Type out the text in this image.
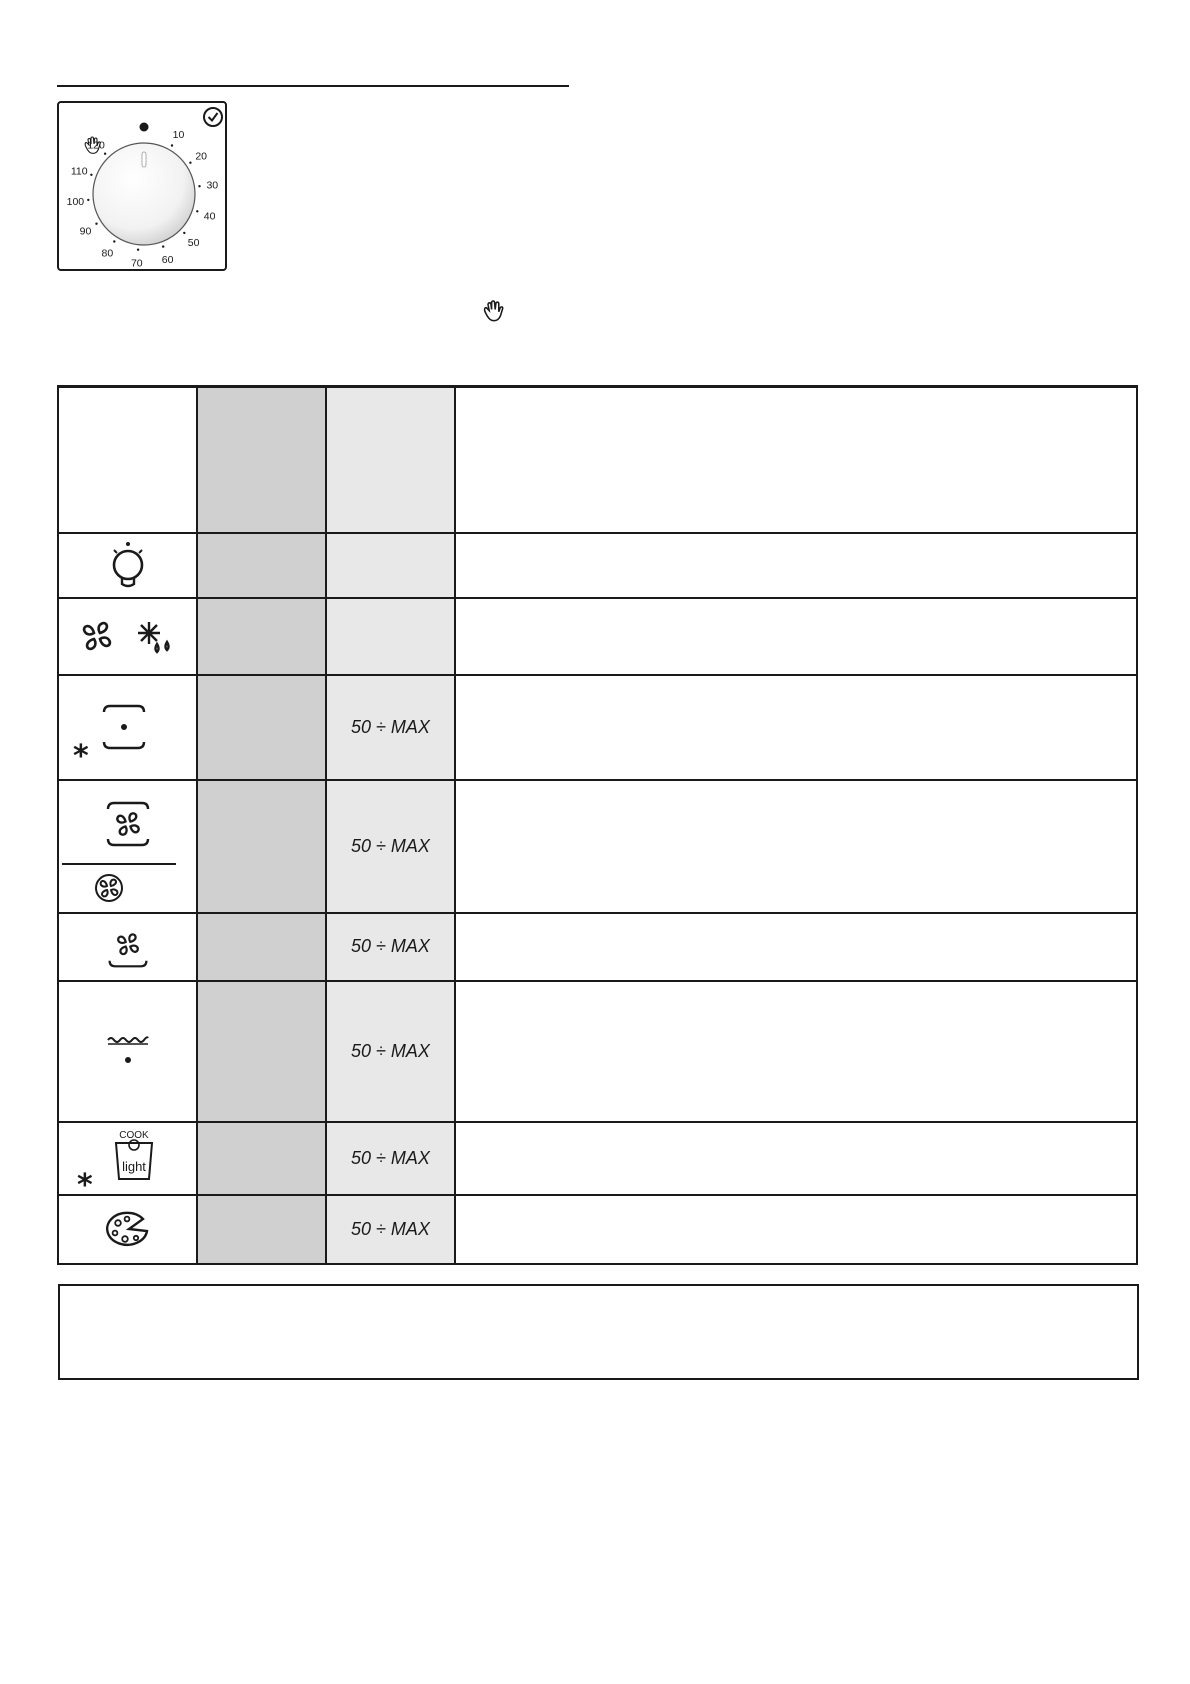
10
20
30
40
50
60
70
80
90
100
110
120

*		50 ÷ MAX	

		50 ÷ MAX	

		50 ÷ MAX	

		50 ÷ MAX	

COOK
light
*		50 ÷ MAX	

		50 ÷ MAX	
